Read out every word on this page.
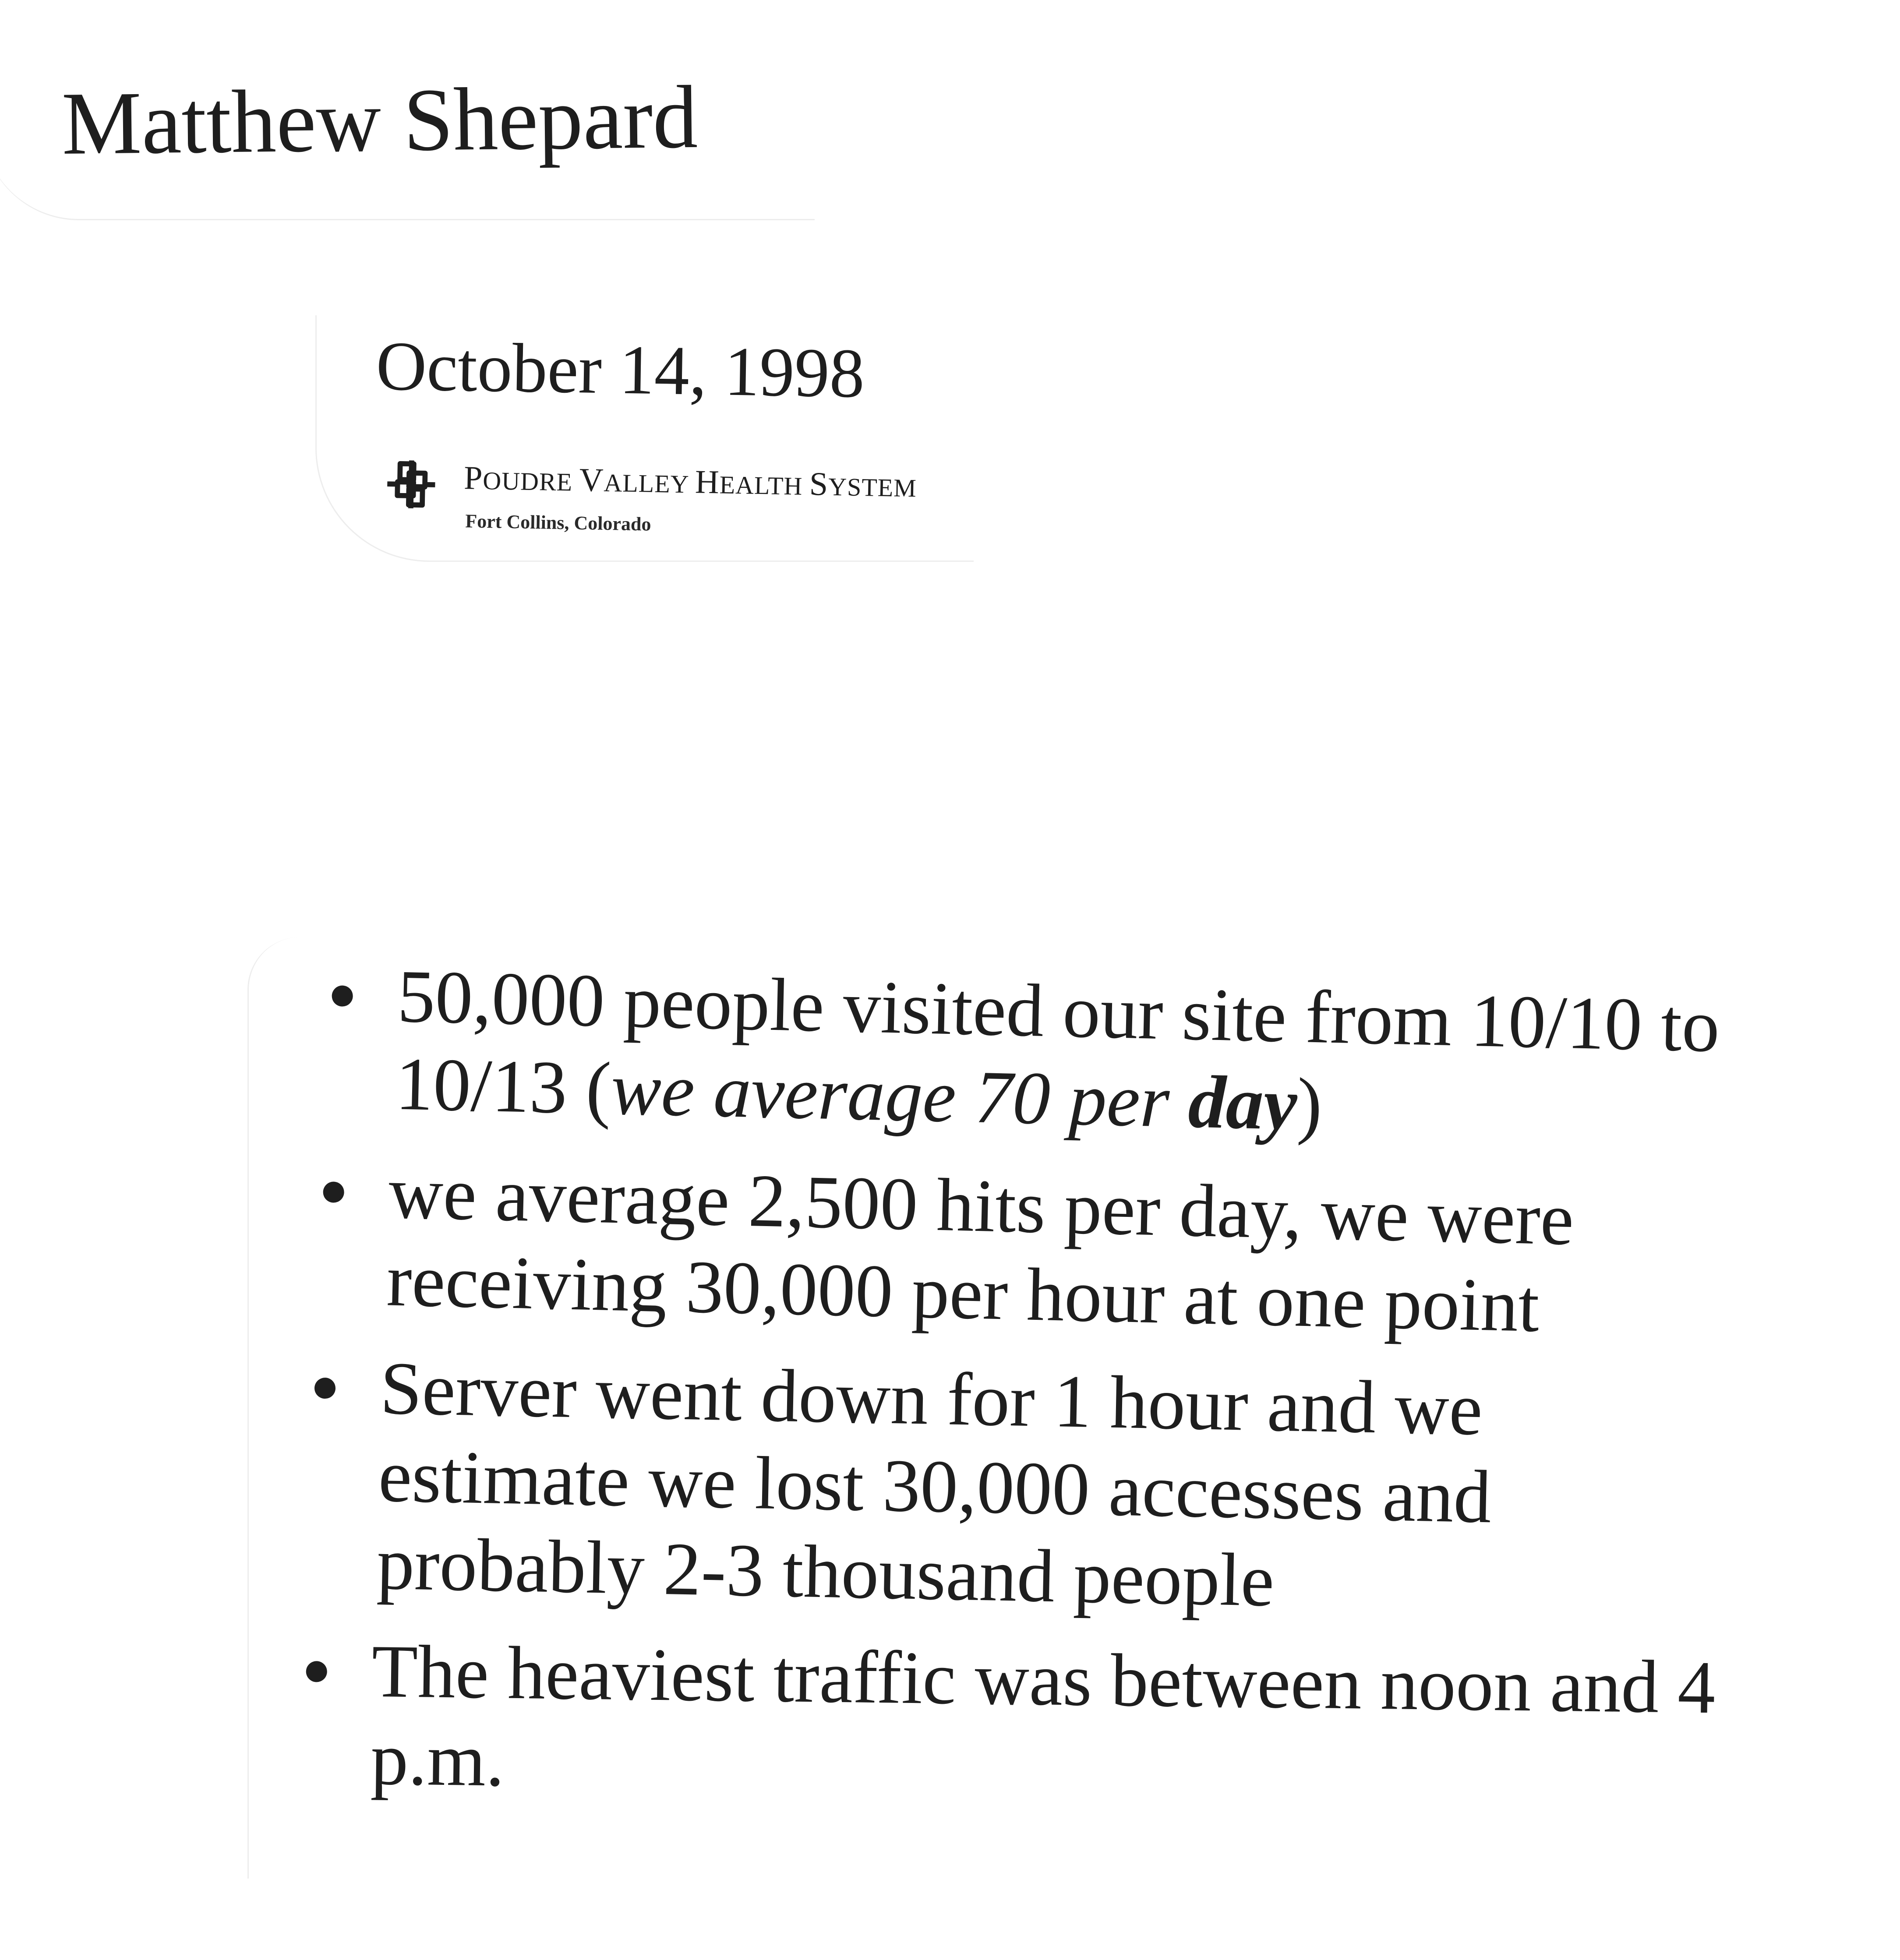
Matthew Shepard
October 14, 1998
POUDRE VALLEY HEALTH SYSTEM
Fort Collins, Colorado
50,000 people visited our site from 10/10 to 10/13 (we average 70 per day)
we average 2,500 hits per day, we were receiving 30,000 per hour at one point
Server went down for 1 hour and we estimate we lost 30,000 accesses and probably 2-3 thousand people
The heaviest traffic was between noon and 4 p.m.
